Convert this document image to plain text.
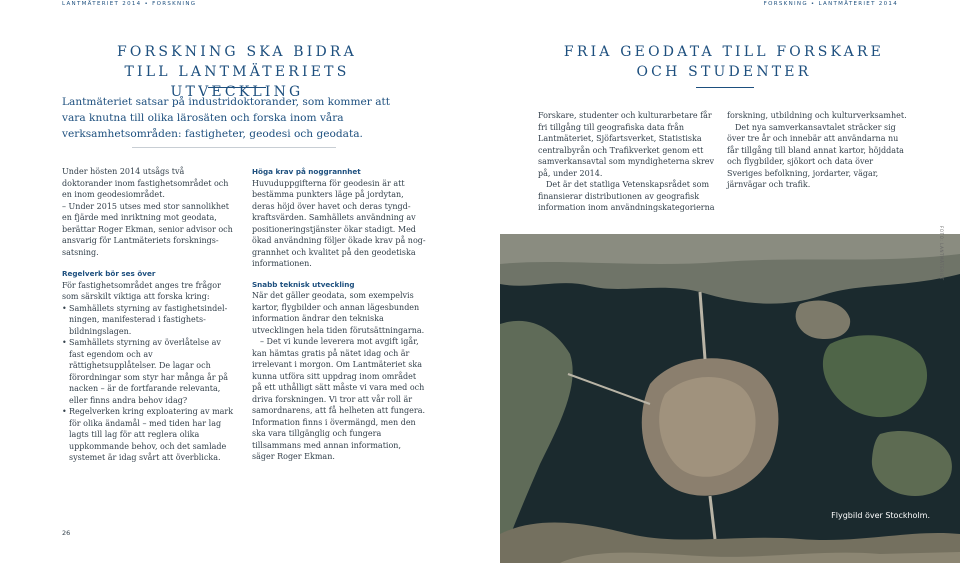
LANTMÄTERIET 2014 • FORSKNING	FORSKNING • LANTMÄTERIET 2014
FORSKNING SKA BIDRA
TILL LANTMÄTERIETS UTVECKLING
Lantmäteriet satsar på industridoktorander, som kommer att vara knutna till olika lärosäten och forska inom våra verksamhetsområden: fastigheter, geodesi och geodata.

Under hösten 2014 utsågs två doktorander inom fastighetsområdet och en inom geodesiområdet.

– Under 2015 utses med stor sannolikhet en fjärde med inriktning mot geodata, berättar Roger Ekman, senior advisor och ansvarig för Lantmäteriets forskningssatsning.

Regelverk bör ses över

För fastighetsområdet anges tre frågor som särskilt viktiga att forska kring:

• Samhällets styrning av fastighetsindelningen, manifesterad i fastighetsbildningslagen.
• Samhällets styrning av överlåtelse av fast egendom och av rättighetsupplåtelser. De lagar och förordningar som styr har många år på nacken – är de fortfarande relevanta, eller finns andra behov idag?
• Regelverken kring exploatering av mark för olika ändamål – med tiden har lag lagts till lag för att reglera olika uppkommande behov, och det samlade systemet är idag svårt att överblicka.
Höga krav på noggrannhet

Huvuduppgifterna för geodesin är att bestämma punkters läge på jordytan, deras höjd över havet och deras tyngdkraftsvärden. Samhällets användning av positioneringstjänster ökar stadigt. Med ökad användning följer ökade krav på noggrannhet och kvalitet på den geodetiska informationen.

Snabb teknisk utveckling

När det gäller geodata, som exempelvis kartor, flygbilder och annan lägesbunden information ändrar den tekniska utvecklingen hela tiden förutsättningarna.

– Det vi kunde leverera mot avgift igår, kan hämtas gratis på nätet idag och är irrelevant i morgon. Om Lantmäteriet ska kunna utföra sitt uppdrag inom området på ett uthålligt sätt måste vi vara med och driva forskningen. Vi tror att vår roll är samordnarens, att få helheten att fungera. Information finns i övermängd, men den ska vara tillgänglig och fungera tillsammans med annan information, säger Roger Ekman.

26
FRIA GEODATA TILL FORSKARE
OCH STUDENTER

Forskare, studenter och kulturarbetare får fri tillgång till geografiska data från Lantmäteriet, Sjöfartsverket, Statistiska centralbyrån och Trafikverket genom ett samverkansavtal som myndigheterna skrev på, under 2014.

Det är det statliga Vetenskapsrådet som finansierar distributionen av geografisk information inom användningskategorierna

forskning, utbildning och kulturverksamhet.

Det nya samverkansavtalet sträcker sig över tre år och innebär att användarna nu får tillgång till bland annat kartor, höjddata och flygbilder, sjökort och data över Sveriges befolkning, jordarter, vägar, järnvägar och trafik.

Flygbild över Stockholm.
FOTO: LANTMÄTERIET
